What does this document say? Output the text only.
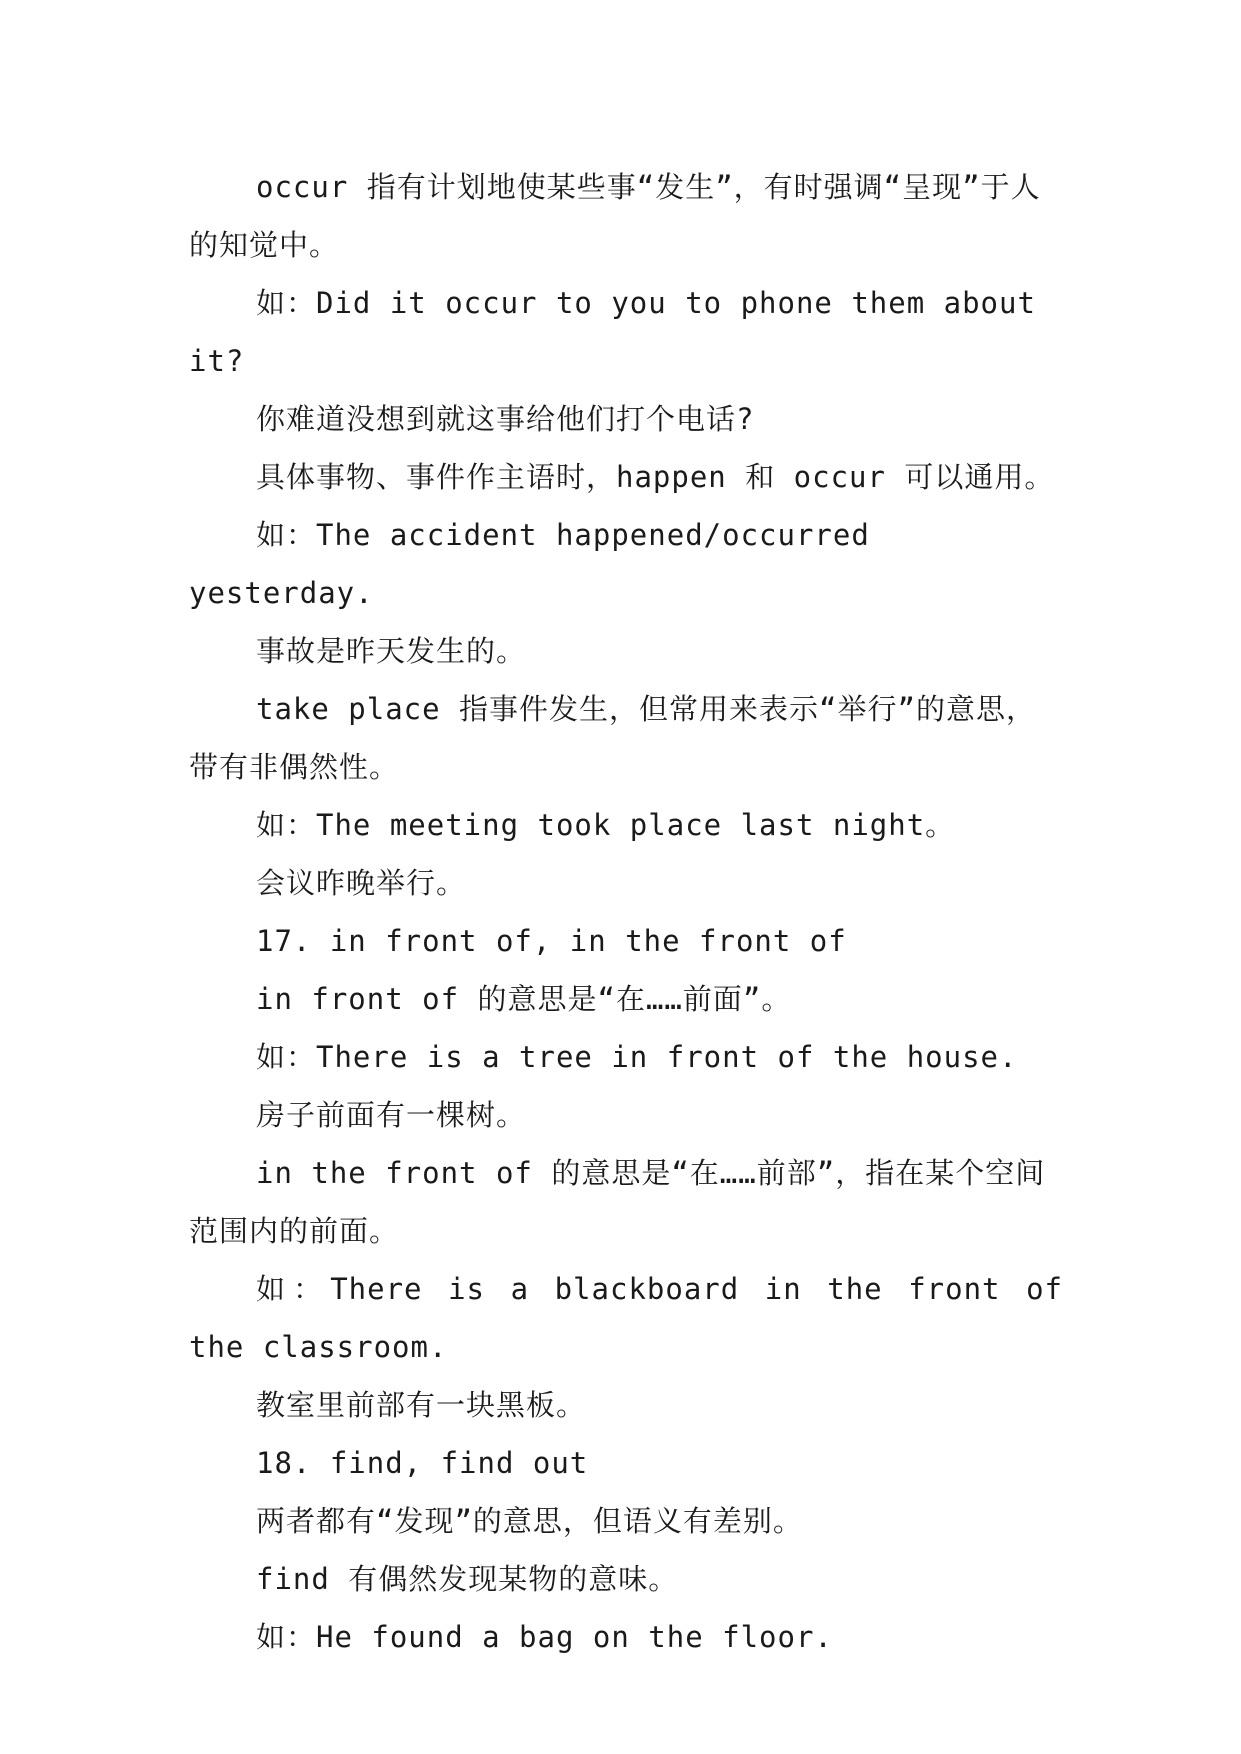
occur 指有计划地使某些事“发生”，有时强调“呈现”于人的知觉中。

如：Did it occur to you to phone them about it?

你难道没想到就这事给他们打个电话?

具体事物、事件作主语时，happen 和 occur 可以通用。

如：The accident happened/occurred yesterday.

事故是昨天发生的。

take place 指事件发生，但常用来表示“举行”的意思，带有非偶然性。

如：The meeting took place last night。

会议昨晚举行。

17. in front of, in the front of

in front of 的意思是“在……前面”。

如：There is a tree in front of the house.

房子前面有一棵树。

in the front of 的意思是“在……前部”，指在某个空间范围内的前面。

如：There is a blackboard in the front of the classroom.

教室里前部有一块黑板。

18. find, find out

两者都有“发现”的意思，但语义有差别。

find 有偶然发现某物的意味。

如：He found a bag on the floor.
